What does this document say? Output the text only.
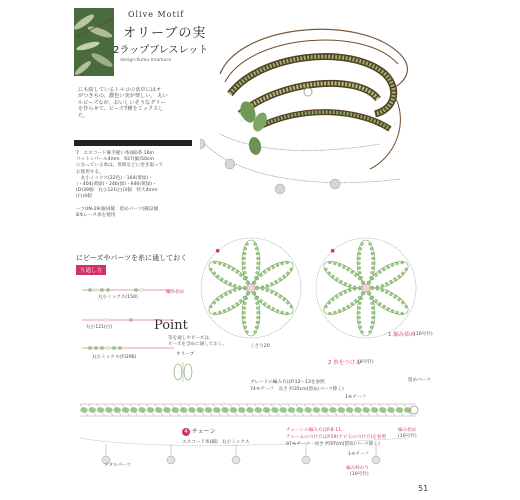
Olive Motif
オリーブの実
2ラップブレスレット
design:Kumu Imamura
にも結しているトルコの食卓にはオ
がつきもの。濃色い実が楽しい。 丸い
ルビーズなが、おいしいそうなグリー
を作らせて、ビーズ7種をミックスし
た。
7　エスコード麻手縫い糸(細)茶 16m
コットンパール4mm　937(細)50cm
になっている糸は、厚紙などに巻き取って
お使用する。
　丸小ミックス(22色)・164(黄緑)・
）・404(黄緑)・246(緑)・946(黄緑)・
(D)39個　丸小121(白)3個　特大4mm
(白)4個
ーツUN-29(銀)4個　留めパーツ(銀)2個
8本レース糸を使用
にビーズやパーツを糸に通しておく
り通し方
丸小ミックス(150)
丸小121(白)
丸小ミックス(約296)
編み始め
Point
等を通しやビーズは、
ビーズを含めに通しておく。
オリーブ
くさり20
2 糸をつける
(8号针)
1 編み始め
(10号针)
ブレードの編み方はP.12〜13を参照
74モチーフ　長さ 約35cm(留め/パーツ除く)
1モチーフ
留めパーツ
4 チェーン
エスコード糸(細) 丸小ミックス
チェーンの編み方はP.8-11。
チャームのつけ方はP.59(アピ玉のつけ方)を参照
97モチーフ　長さ 約37cm(留め/パーツ除く)
1モチーフ
編み始め
(10号针)
メタルパーツ
編み終わり
(10号针)
51
